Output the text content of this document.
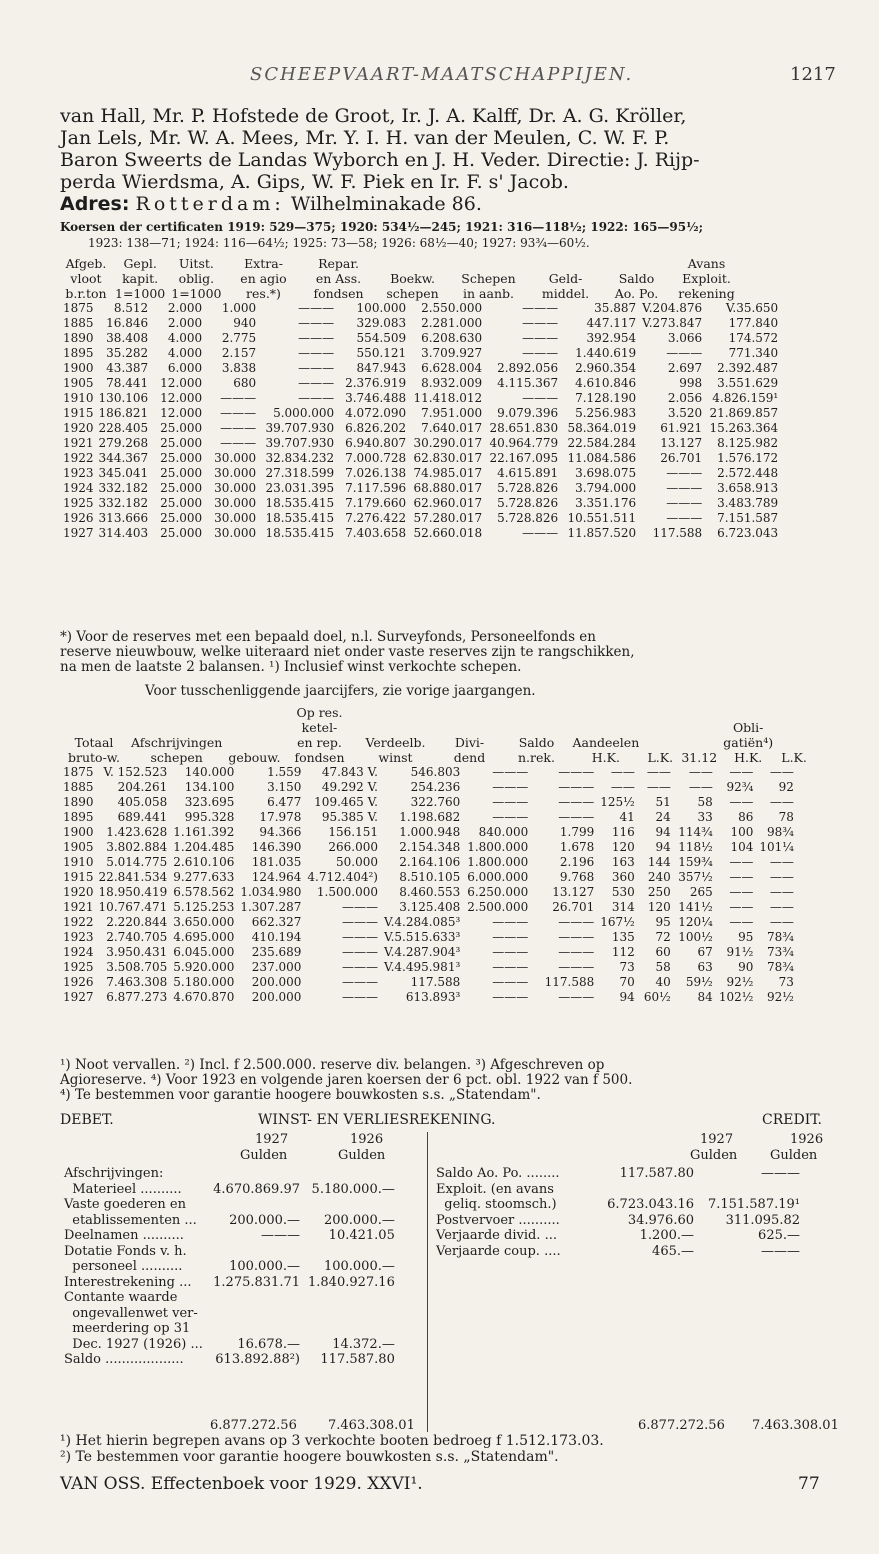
SCHEEPVAART-MAATSCHAPPIJEN.	1217
van Hall, Mr. P. Hofstede de Groot, Ir. J. A. Kalff, Dr. A. G. Kröller,
Jan Lels, Mr. W. A. Mees, Mr. Y. I. H. van der Meulen, C. W. F. P.
Baron Sweerts de Landas Wyborch en J. H. Veder. Directie: J. Rijp-
perda Wierdsma, A. Gips, W. F. Piek en Ir. F. s' Jacob.
Adres: Rotterdam: Wilhelminakade 86.
Koersen der certificaten 1919: 529—375; 1920: 534½—245; 1921: 316—118½; 1922: 165—95½;
1923: 138—71; 1924: 116—64½; 1925: 73—58; 1926: 68½—40; 1927: 93¾—60½.
Afgeb.	Gepl.	Uitst.	Extra-	Repar.					Avans
vloot	kapit.	oblig.	en agio	en Ass.	Boekw.	Schepen	Geld-	Saldo	Exploit.
b.r.ton	1=1000	1=1000	res.*)	fondsen	schepen	in aanb.	middel.	Ao. Po.	rekening
1875	8.512	2.000	1.000	———	100.000	2.550.000	———	35.887	V.204.876	V.35.650
1885	16.846	2.000	940	———	329.083	2.281.000	———	447.117	V.273.847	177.840
1890	38.408	4.000	2.775	———	554.509	6.208.630	———	392.954	3.066	174.572
1895	35.282	4.000	2.157	———	550.121	3.709.927	———	1.440.619	———	771.340
1900	43.387	6.000	3.838	———	847.943	6.628.004	2.892.056	2.960.354	2.697	2.392.487
1905	78.441	12.000	680	———	2.376.919	8.932.009	4.115.367	4.610.846	998	3.551.629
1910	130.106	12.000	———	———	3.746.488	11.418.012	———	7.128.190	2.056	4.826.159¹
1915	186.821	12.000	———	5.000.000	4.072.090	7.951.000	9.079.396	5.256.983	3.520	21.869.857
1920	228.405	25.000	———	39.707.930	6.826.202	7.640.017	28.651.830	58.364.019	61.921	15.263.364
1921	279.268	25.000	———	39.707.930	6.940.807	30.290.017	40.964.779	22.584.284	13.127	8.125.982
1922	344.367	25.000	30.000	32.834.232	7.000.728	62.830.017	22.167.095	11.084.586	26.701	1.576.172
1923	345.041	25.000	30.000	27.318.599	7.026.138	74.985.017	4.615.891	3.698.075	———	2.572.448
1924	332.182	25.000	30.000	23.031.395	7.117.596	68.880.017	5.728.826	3.794.000	———	3.658.913
1925	332.182	25.000	30.000	18.535.415	7.179.660	62.960.017	5.728.826	3.351.176	———	3.483.789
1926	313.666	25.000	30.000	18.535.415	7.276.422	57.280.017	5.728.826	10.551.511	———	7.151.587
1927	314.403	25.000	30.000	18.535.415	7.403.658	52.660.018	———	11.857.520	117.588	6.723.043
*) Voor de reserves met een bepaald doel, n.l. Surveyfonds, Personeelfonds en
reserve nieuwbouw, welke uiteraard niet onder vaste reserves zijn te rangschikken,
na men de laatste 2 balansen. ¹) Inclusief winst verkochte schepen.
Voor tusschenliggende jaarcijfers, zie vorige jaargangen.
			Op res.								
			ketel-							Obli-	
Totaal	Afschrijvingen		en rep.	Verdeelb.	Divi-	Saldo	Aandeelen			gatiën⁴)	
bruto-w.	schepen	gebouw.	fondsen	winst	dend	n.rek.	H.K.	L.K.	31.12	H.K.	L.K.
1875	V. 152.523	140.000	1.559	47.843 V.	546.803	———	———	——	——	——	——	——
1885	204.261	134.100	3.150	49.292 V.	254.236	———	———	——	——	——	92¾	92
1890	405.058	323.695	6.477	109.465 V.	322.760	———	———	125½	51	58	——	——
1895	689.441	995.328	17.978	95.385 V.	1.198.682	———	———	41	24	33	86	78
1900	1.423.628	1.161.392	94.366	156.151	1.000.948	840.000	1.799	116	94	114¾	100	98¾
1905	3.802.884	1.204.485	146.390	266.000	2.154.348	1.800.000	1.678	120	94	118½	104	101¼
1910	5.014.775	2.610.106	181.035	50.000	2.164.106	1.800.000	2.196	163	144	159¾	——	——
1915	22.841.534	9.277.633	124.964	4.712.404²)	8.510.105	6.000.000	9.768	360	240	357½	——	——
1920	18.950.419	6.578.562	1.034.980	1.500.000	8.460.553	6.250.000	13.127	530	250	265	——	——
1921	10.767.471	5.125.253	1.307.287	———	3.125.408	2.500.000	26.701	314	120	141½	——	——
1922	2.220.844	3.650.000	662.327	———	V.4.284.085³	———	———	167½	95	120¼	——	——
1923	2.740.705	4.695.000	410.194	———	V.5.515.633³	———	———	135	72	100½	95	78¾
1924	3.950.431	6.045.000	235.689	———	V.4.287.904³	———	———	112	60	67	91½	73¾
1925	3.508.705	5.920.000	237.000	———	V.4.495.981³	———	———	73	58	63	90	78¾
1926	7.463.308	5.180.000	200.000	———	117.588	———	117.588	70	40	59½	92½	73
1927	6.877.273	4.670.870	200.000	———	613.893³	———	———	94	60½	84	102½	92½
¹) Noot vervallen. ²) Incl. f 2.500.000. reserve div. belangen. ³) Afgeschreven op
Agioreserve. ⁴) Voor 1923 en volgende jaren koersen der 6 pct. obl. 1922 van f 500.
⁴) Te bestemmen voor garantie hoogere bouwkosten s.s. „Statendam".
DEBET.	WINST- EN VERLIESREKENING.	CREDIT.
1927	1926
Gulden	Gulden
1927	1926
Gulden	Gulden
Afschrijvingen:		
Materieel ..........	4.670.869.97	5.180.000.—
Vaste goederen en		
etablissementen ...	200.000.—	200.000.—
Deelnamen ..........	———	10.421.05
Dotatie Fonds v. h.		
personeel ..........	100.000.—	100.000.—
Interestrekening ...	1.275.831.71	1.840.927.16
Contante waarde		
ongevallenwet ver-		
meerdering op 31		
Dec. 1927 (1926) ...	16.678.—	14.372.—
Saldo ...................	613.892.88²)	117.587.80
Saldo Ao. Po. ........	117.587.80	———
Exploit. (en avans		
geliq. stoomsch.)	6.723.043.16	7.151.587.19¹
Postvervoer ..........	34.976.60	311.095.82
Verjaarde divid. ...	1.200.—	625.—
Verjaarde coup. ....	465.—	———
6.877.272.56 7.463.308.01	6.877.272.56 7.463.308.01
¹) Het hierin begrepen avans op 3 verkochte booten bedroeg f 1.512.173.03.
²) Te bestemmen voor garantie hoogere bouwkosten s.s. „Statendam".
VAN OSS. Effectenboek voor 1929. XXVI¹.	77
